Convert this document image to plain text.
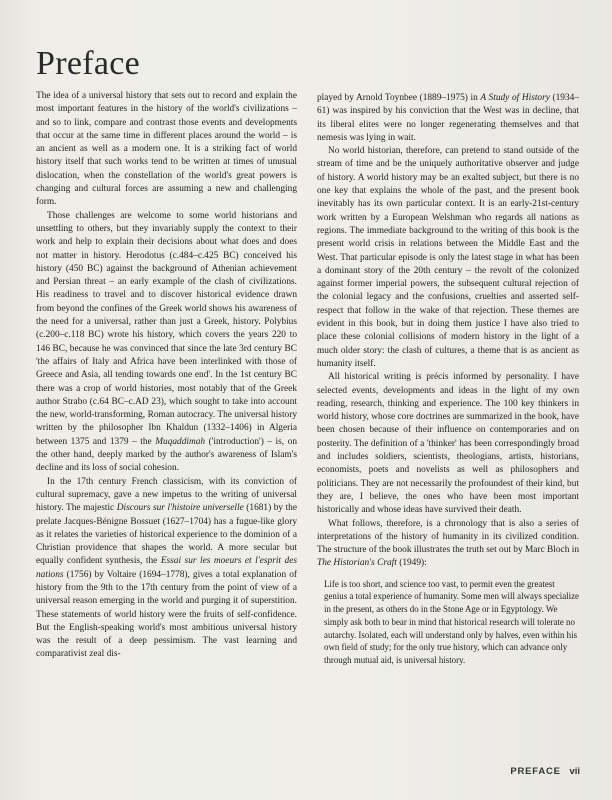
Preface

The idea of a universal history that sets out to record and explain the most important features in the history of the world's civilizations – and so to link, compare and contrast those events and developments that occur at the same time in different places around the world – is an ancient as well as a modern one. It is a striking fact of world history itself that such works tend to be written at times of unusual dislocation, when the constellation of the world's great powers is changing and cultural forces are assuming a new and challenging form.

Those challenges are welcome to some world historians and unsettling to others, but they invariably supply the context to their work and help to explain their decisions about what does and does not matter in history. Herodotus (c.484–c.425 BC) conceived his history (450 BC) against the background of Athenian achievement and Persian threat – an early example of the clash of civilizations. His readiness to travel and to discover historical evidence drawn from beyond the confines of the Greek world shows his awareness of the need for a universal, rather than just a Greek, history. Polybius (c.200–c.118 BC) wrote his history, which covers the years 220 to 146 BC, because he was convinced that since the late 3rd century BC 'the affairs of Italy and Africa have been interlinked with those of Greece and Asia, all tending towards one end'. In the 1st century BC there was a crop of world histories, most notably that of the Greek author Strabo (c.64 BC–c.AD 23), which sought to take into account the new, world-transforming, Roman autocracy. The universal history written by the philosopher Ibn Khaldun (1332–1406) in Algeria between 1375 and 1379 – the Muqaddimah ('introduction') – is, on the other hand, deeply marked by the author's awareness of Islam's decline and its loss of social cohesion.

In the 17th century French classicism, with its conviction of cultural supremacy, gave a new impetus to the writing of universal history. The majestic Discours sur l'histoire universelle (1681) by the prelate Jacques-Bénigne Bossuet (1627–1704) has a fugue-like glory as it relates the varieties of historical experience to the dominion of a Christian providence that shapes the world. A more secular but equally confident synthesis, the Essai sur les moeurs et l'esprit des nations (1756) by Voltaire (1694–1778), gives a total explanation of history from the 9th to the 17th century from the point of view of a universal reason emerging in the world and purging it of superstition. These statements of world history were the fruits of self-confidence. But the English-speaking world's most ambitious universal history was the result of a deep pessimism. The vast learning and comparativist zeal dis-

played by Arnold Toynbee (1889–1975) in A Study of History (1934–61) was inspired by his conviction that the West was in decline, that its liberal elites were no longer regenerating themselves and that nemesis was lying in wait.

No world historian, therefore, can pretend to stand outside of the stream of time and be the uniquely authoritative observer and judge of history. A world history may be an exalted subject, but there is no one key that explains the whole of the past, and the present book inevitably has its own particular context. It is an early-21st-century work written by a European Welshman who regards all nations as regions. The immediate background to the writing of this book is the present world crisis in relations between the Middle East and the West. That particular episode is only the latest stage in what has been a dominant story of the 20th century – the revolt of the colonized against former imperial powers, the subsequent cultural rejection of the colonial legacy and the confusions, cruelties and asserted self-respect that follow in the wake of that rejection. These themes are evident in this book, but in doing them justice I have also tried to place these colonial collisions of modern history in the light of a much older story: the clash of cultures, a theme that is as ancient as humanity itself.

All historical writing is précis informed by personality. I have selected events, developments and ideas in the light of my own reading, research, thinking and experience. The 100 key thinkers in world history, whose core doctrines are summarized in the book, have been chosen because of their influence on contemporaries and on posterity. The definition of a 'thinker' has been correspondingly broad and includes soldiers, scientists, theologians, artists, historians, economists, poets and novelists as well as philosophers and politicians. They are not necessarily the profoundest of their kind, but they are, I believe, the ones who have been most important historically and whose ideas have survived their death.

What follows, therefore, is a chronology that is also a series of interpretations of the history of humanity in its civilized condition. The structure of the book illustrates the truth set out by Marc Bloch in The Historian's Craft (1949):

Life is too short, and science too vast, to permit even the greatest genius a total experience of humanity. Some men will always specialize in the present, as others do in the Stone Age or in Egyptology. We simply ask both to bear in mind that historical research will tolerate no autarchy. Isolated, each will understand only by halves, even within his own field of study; for the only true history, which can advance only through mutual aid, is universal history.

PREFACE vii
